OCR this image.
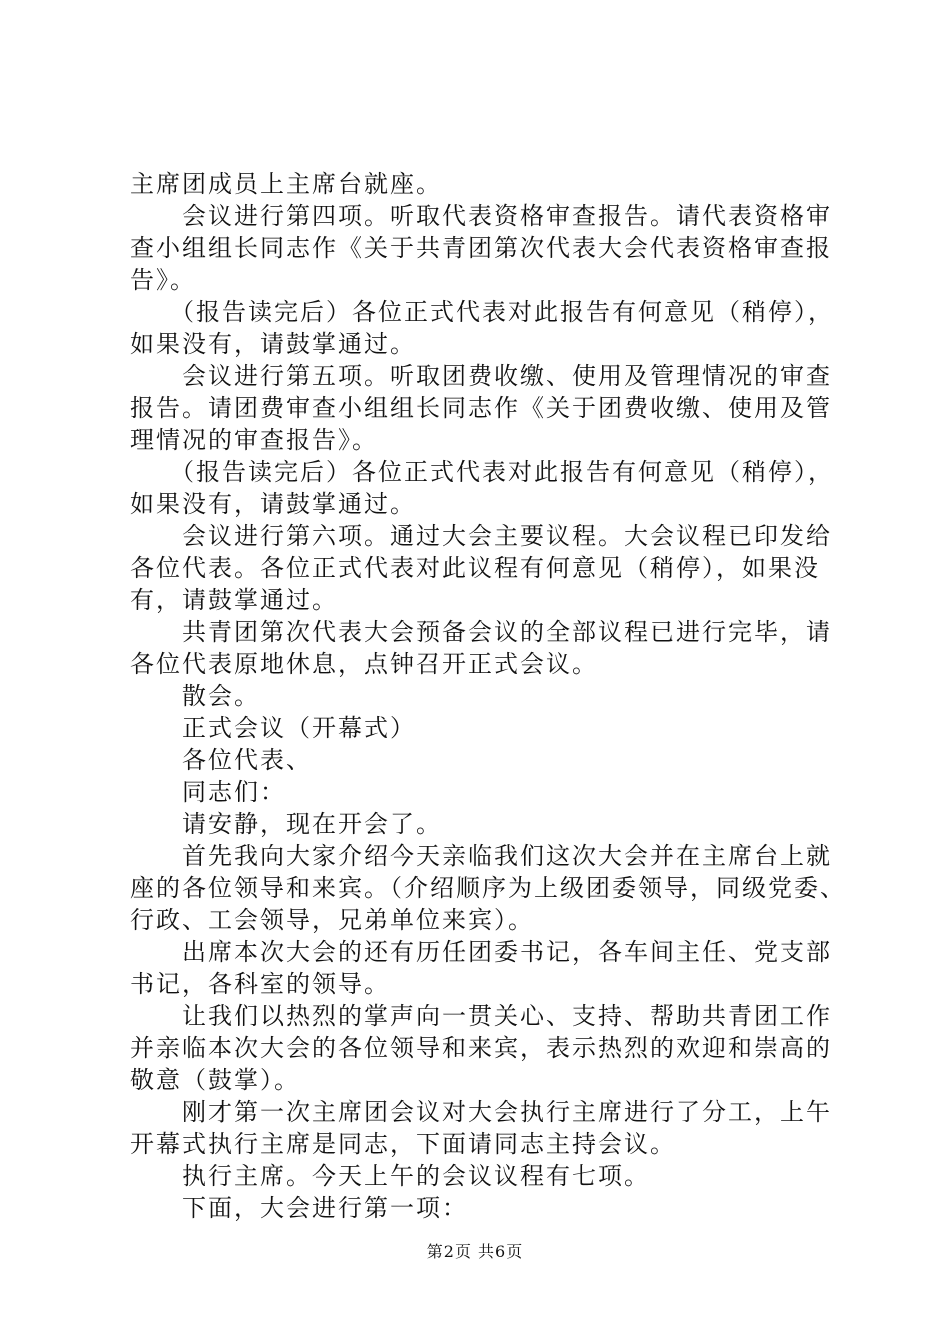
主席团成员上主席台就座。
　　会议进行第四项。听取代表资格审查报告。请代表资格审
查小组组长同志作《关于共青团第次代表大会代表资格审查报
告》。
　　（报告读完后）各位正式代表对此报告有何意见（稍停），
如果没有，请鼓掌通过。
　　会议进行第五项。听取团费收缴、使用及管理情况的审查
报告。请团费审查小组组长同志作《关于团费收缴、使用及管
理情况的审查报告》。
　　（报告读完后）各位正式代表对此报告有何意见（稍停），
如果没有，请鼓掌通过。
　　会议进行第六项。通过大会主要议程。大会议程已印发给
各位代表。各位正式代表对此议程有何意见（稍停），如果没
有，请鼓掌通过。
　　共青团第次代表大会预备会议的全部议程已进行完毕，请
各位代表原地休息，点钟召开正式会议。
　　散会。
　　正式会议（开幕式）
　　各位代表、
　　同志们：
　　请安静，现在开会了。
　　首先我向大家介绍今天亲临我们这次大会并在主席台上就
座的各位领导和来宾。（介绍顺序为上级团委领导，同级党委、
行政、工会领导，兄弟单位来宾）。
　　出席本次大会的还有历任团委书记，各车间主任、党支部
书记，各科室的领导。
　　让我们以热烈的掌声向一贯关心、支持、帮助共青团工作
并亲临本次大会的各位领导和来宾，表示热烈的欢迎和崇高的
敬意（鼓掌）。
　　刚才第一次主席团会议对大会执行主席进行了分工，上午
开幕式执行主席是同志，下面请同志主持会议。
　　执行主席。今天上午的会议议程有七项。
　　下面，大会进行第一项：
第2页 共6页
